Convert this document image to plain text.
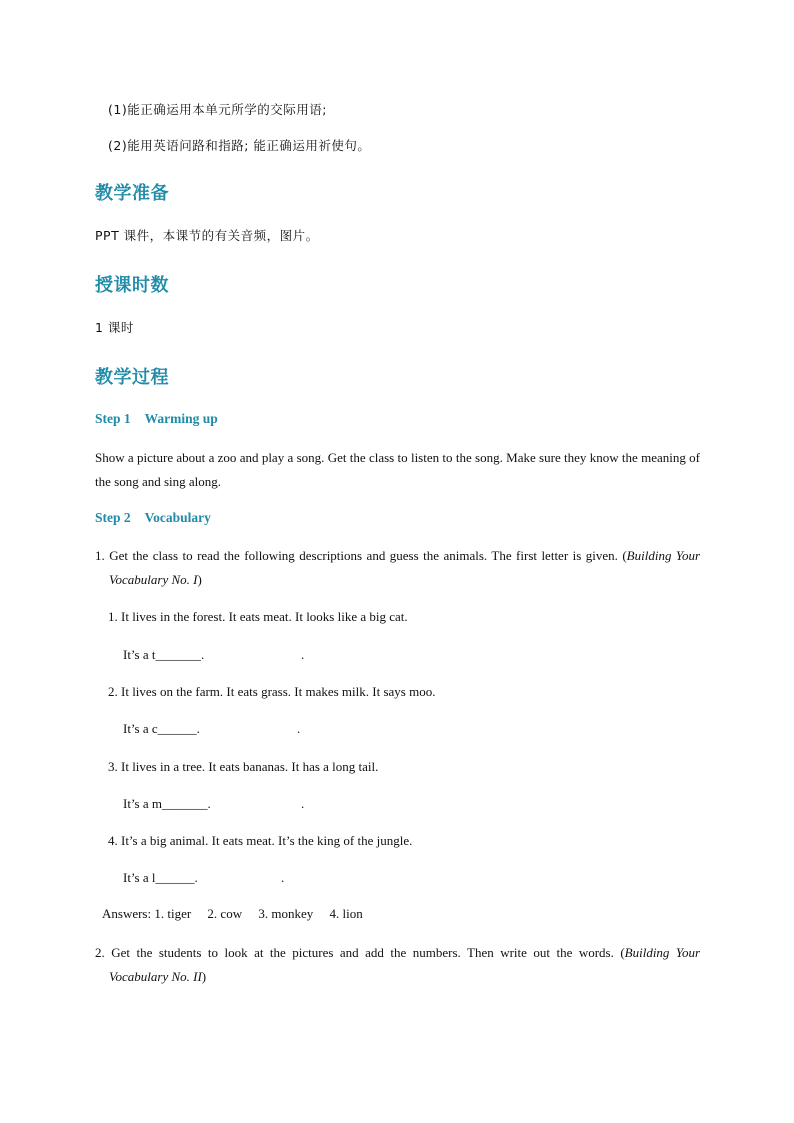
(1)能正确运用本单元所学的交际用语;
(2)能用英语问路和指路; 能正确运用祈使句。
教学准备
PPT 课件，本课节的有关音频，图片。
授课时数
1 课时
教学过程
Step 1 Warming up
Show a picture about a zoo and play a song. Get the class to listen to the song. Make sure they know the meaning of the song and sing along.
Step 2 Vocabulary
1. Get the class to read the following descriptions and guess the animals. The first letter is given. (Building Your Vocabulary No. I)
1. It lives in the forest. It eats meat. It looks like a big cat.
It’s a t_______.	.
2. It lives on the farm. It eats grass. It makes milk. It says moo.
It’s a c______.	.
3. It lives in a tree. It eats bananas. It has a long tail.
It’s a m_______.	.
4. It’s a big animal. It eats meat. It’s the king of the jungle.
It’s a l______.	.
Answers: 1. tiger     2. cow     3. monkey     4. lion
2. Get the students to look at the pictures and add the numbers. Then write out the words. (Building Your Vocabulary No. II)
